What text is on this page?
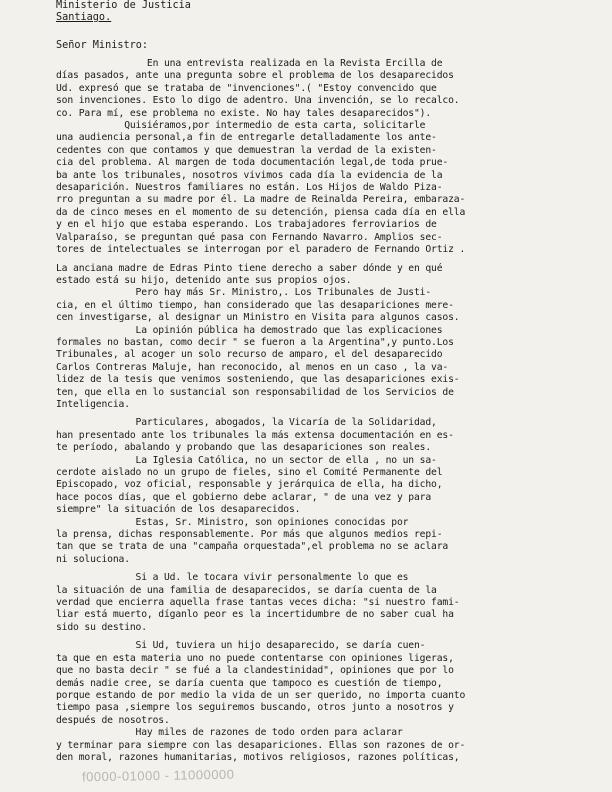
Ministerio de Justicia
Santiago.
Señor Ministro:
En una entrevista realizada en la Revista Ercilla de
días pasados, ante una pregunta sobre el problema de los desaparecidos
Ud. expresó que se trataba de "invenciones".( "Estoy convencido que
son invenciones. Esto lo digo de adentro. Una invención, se lo recalco.
co. Para mí, ese problema no existe. No hay tales desaparecidos").
Quisiéramos,por intermedio de esta carta, solicitarle
una audiencia personal,a fin de entregarle detalladamente los ante-
cedentes con que contamos y que demuestran la verdad de la existen-
cia del problema. Al margen de toda documentación legal,de toda prue-
ba ante los tribunales, nosotros vivimos cada día la evidencia de la
desaparición. Nuestros familiares no están. Los Hijos de Waldo Piza-
rro preguntan a su madre por él. La madre de Reinalda Pereira, embaraza-
da de cinco meses en el momento de su detención, piensa cada día en ella
y en el hijo que estaba esperando. Los trabajadores ferroviarios de
Valparaíso, se preguntan qué pasa con Fernando Navarro. Amplios sec-
tores de intelectuales se interrogan por el paradero de Fernando Ortiz .
La anciana madre de Edras Pinto tiene derecho a saber dónde y en qué
estado está su hijo, detenido ante sus propios ojos.
Pero hay más Sr. Ministro,. Los Tribunales de Justi-
cia, en el último tiempo, han considerado que las desapariciones mere-
cen investigarse, al designar un Ministro en Visita para algunos casos.
La opinión pública ha demostrado que las explicaciones
formales no bastan, como decir " se fueron a la Argentina",y punto.Los
Tribunales, al acoger un solo recurso de amparo, el del desaparecido
Carlos Contreras Maluje, han reconocido, al menos en un caso , la va-
lidez de la tesis que venimos sosteniendo, que las desapariciones exis-
ten, que ella en lo sustancial son responsabilidad de los Servicios de
Inteligencia.
Particulares, abogados, la Vicaría de la Solidaridad,
han presentado ante los tribunales la más extensa documentación en es-
te período, abalando y probando que las desapariciones son reales.
La Iglesia Católica, no un sector de ella , no un sa-
cerdote aislado no un grupo de fieles, sino el Comité Permanente del
Episcopado, voz oficial, responsable y jerárquica de ella, ha dicho,
hace pocos días, que el gobierno debe aclarar, " de una vez y para
siempre" la situación de los desaparecidos.
Estas, Sr. Ministro, son opiniones conocidas por
la prensa, dichas responsablemente. Por más que algunos medios repi-
tan que se trata de una "campaña orquestada",el problema no se aclara
ni soluciona.
Si a Ud. le tocara vivir personalmente lo que es
la situación de una familia de desaparecidos, se daría cuenta de la
verdad que encierra aquella frase tantas veces dicha: "si nuestro fami-
liar está muerto, díganlo peor es la incertidumbre de no saber cual ha
sido su destino.
Si Ud, tuviera un hijo desaparecido, se daría cuen-
ta que en esta materia uno no puede contentarse con opiniones ligeras,
que no basta decir " se fué a la clandestinidad", opiniones que por lo
demás nadie cree, se daría cuenta que tampoco es cuestión de tiempo,
porque estando de por medio la vida de un ser querido, no importa cuanto
tiempo pasa ,siempre los seguiremos buscando, otros junto a nosotros y
después de nosotros.
Hay miles de razones de todo orden para aclarar
y terminar para siempre con las desapariciones. Ellas son razones de or-
den moral, razones humanitarias, motivos religiosos, razones políticas,
f0000-01000 - 11000000
